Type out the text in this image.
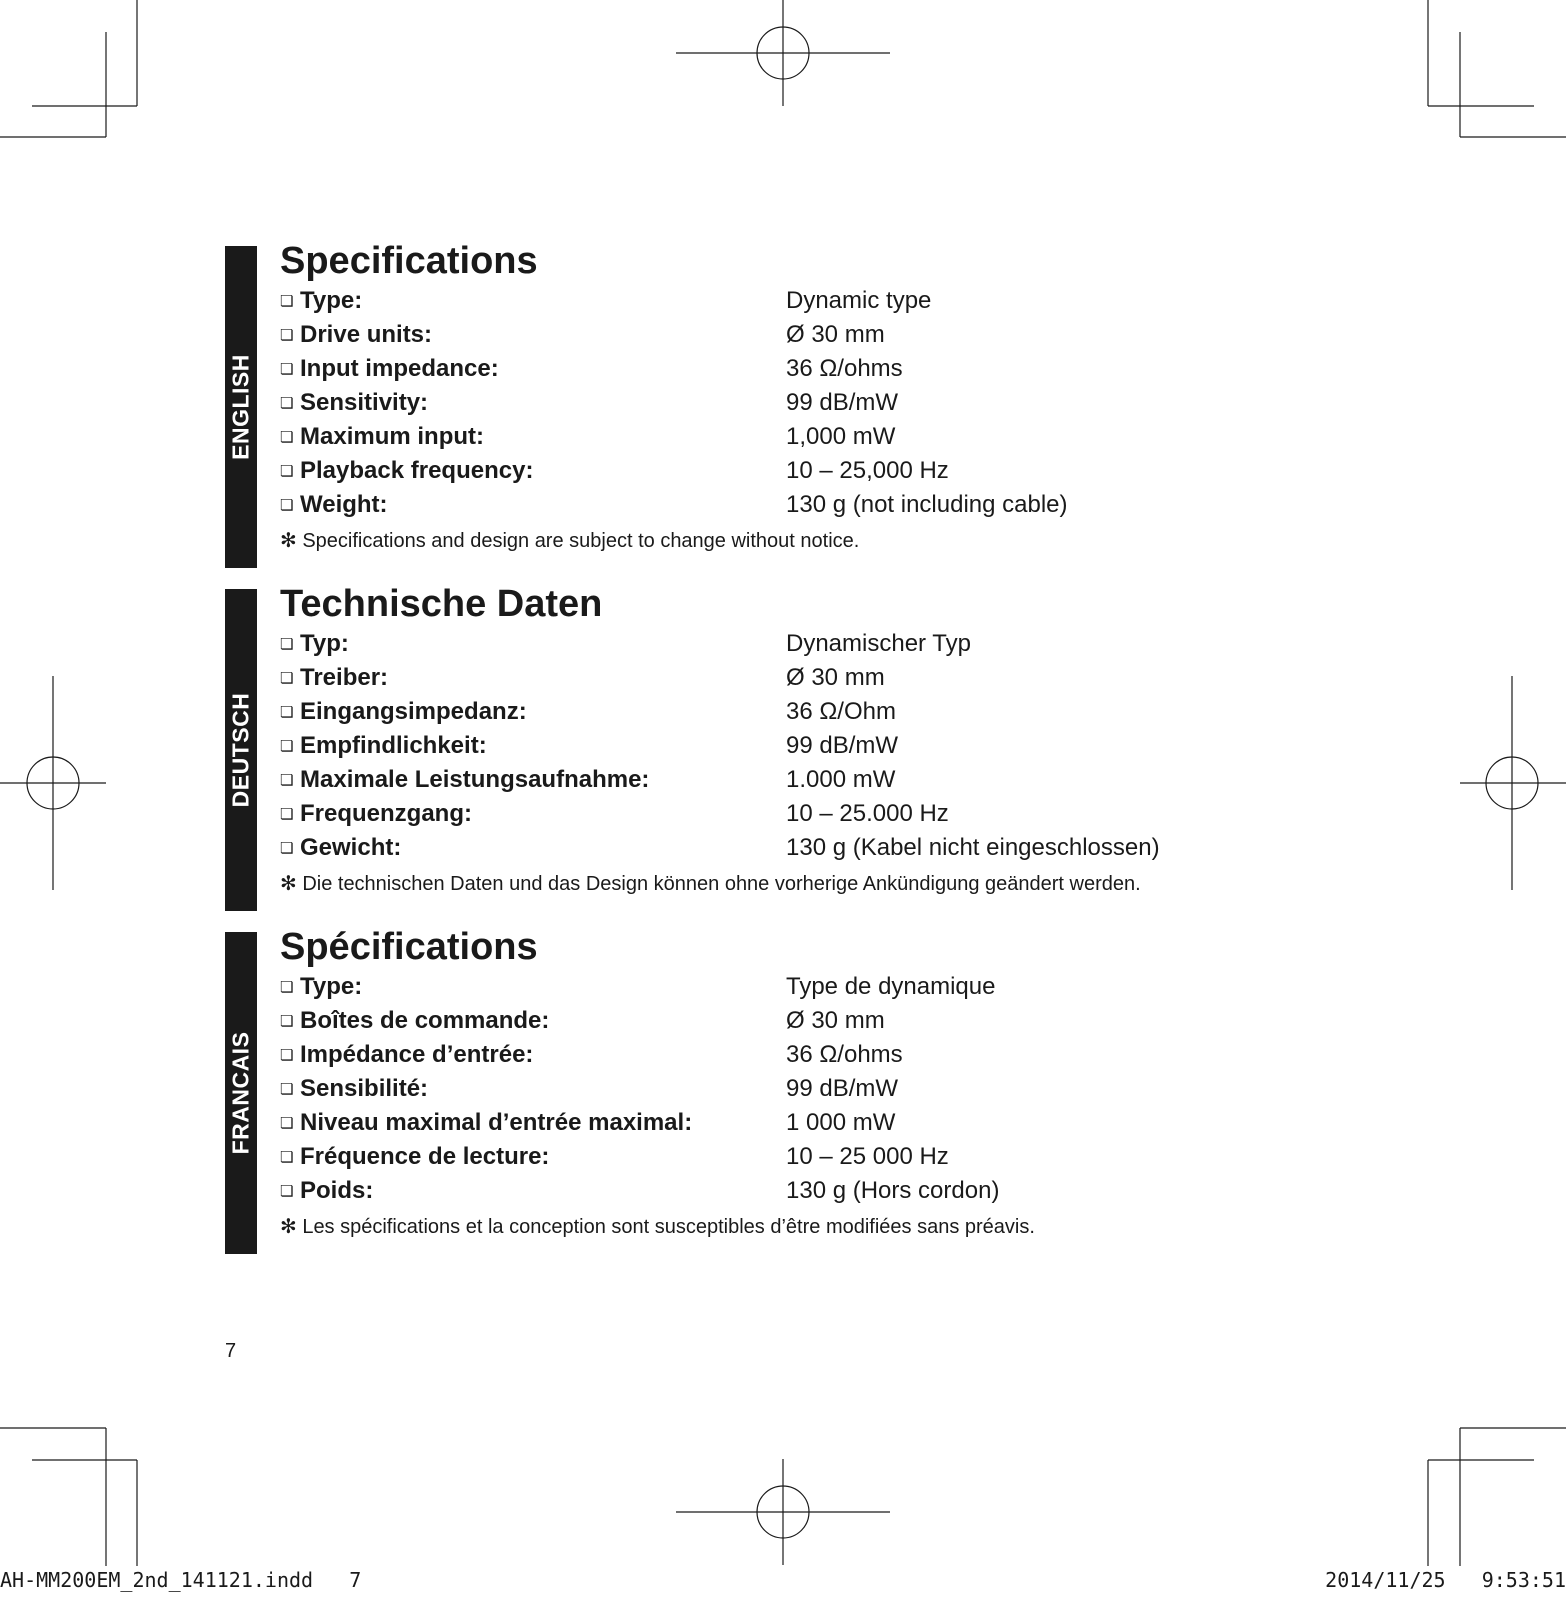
ENGLISH
Specifications
❏ Type:	Dynamic type
❏ Drive units:	Ø 30 mm
❏ Input impedance:	36 Ω/ohms
❏ Sensitivity:	99 dB/mW
❏ Maximum input:	1,000 mW
❏ Playback frequency:	10 – 25,000 Hz
❏ Weight:	130 g (not including cable)

✻ Specifications and design are subject to change without notice.

DEUTSCH
Technische Daten
❏ Typ:	Dynamischer Typ
❏ Treiber:	Ø 30 mm
❏ Eingangsimpedanz:	36 Ω/Ohm
❏ Empfindlichkeit:	99 dB/mW
❏ Maximale Leistungsaufnahme:	1.000 mW
❏ Frequenzgang:	10 – 25.000 Hz
❏ Gewicht:	130 g (Kabel nicht eingeschlossen)

✻ Die technischen Daten und das Design können ohne vorherige Ankündigung geändert werden.

FRANCAIS
Spécifications
❏ Type:	Type de dynamique
❏ Boîtes de commande:	Ø 30 mm
❏ Impédance d’entrée:	36 Ω/ohms
❏ Sensibilité:	99 dB/mW
❏ Niveau maximal d’entrée maximal:	1 000 mW
❏ Fréquence de lecture:	10 – 25 000 Hz
❏ Poids:	130 g (Hors cordon)

✻ Les spécifications et la conception sont susceptibles d’être modifiées sans préavis.

7
AH-MM200EM_2nd_141121.indd   7	2014/11/25   9:53:51
